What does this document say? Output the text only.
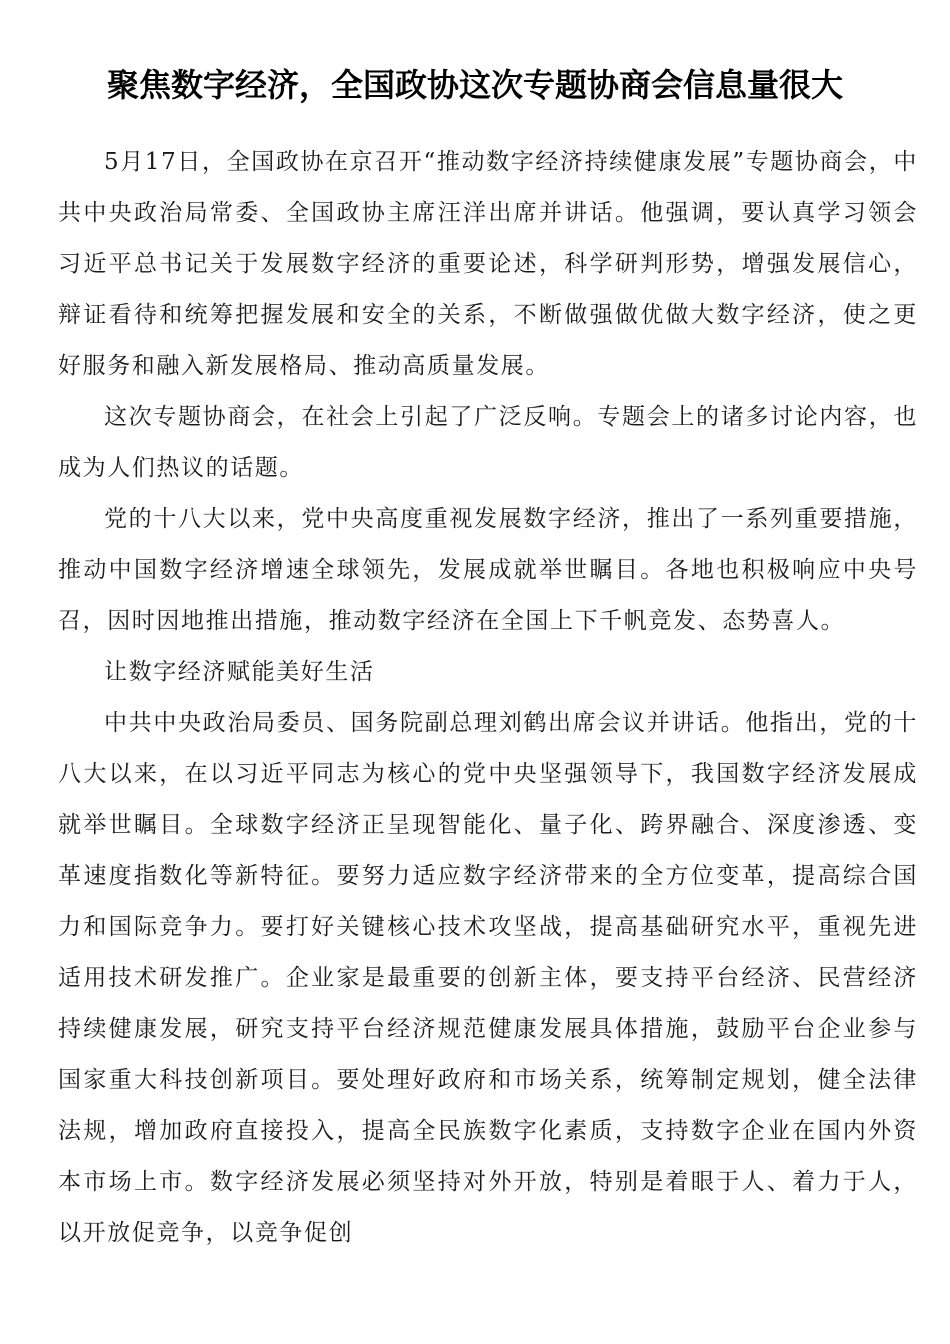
聚焦数字经济，全国政协这次专题协商会信息量很大

5月17日，全国政协在京召开“推动数字经济持续健康发展”专题协商会，中共中央政治局常委、全国政协主席汪洋出席并讲话。他强调，要认真学习领会习近平总书记关于发展数字经济的重要论述，科学研判形势，增强发展信心，辩证看待和统筹把握发展和安全的关系，不断做强做优做大数字经济，使之更好服务和融入新发展格局、推动高质量发展。

这次专题协商会，在社会上引起了广泛反响。专题会上的诸多讨论内容，也成为人们热议的话题。

党的十八大以来，党中央高度重视发展数字经济，推出了一系列重要措施，推动中国数字经济增速全球领先，发展成就举世瞩目。各地也积极响应中央号召，因时因地推出措施，推动数字经济在全国上下千帆竞发、态势喜人。

让数字经济赋能美好生活

中共中央政治局委员、国务院副总理刘鹤出席会议并讲话。他指出，党的十八大以来，在以习近平同志为核心的党中央坚强领导下，我国数字经济发展成就举世瞩目。全球数字经济正呈现智能化、量子化、跨界融合、深度渗透、变革速度指数化等新特征。要努力适应数字经济带来的全方位变革，提高综合国力和国际竞争力。要打好关键核心技术攻坚战，提高基础研究水平，重视先进适用技术研发推广。企业家是最重要的创新主体，要支持平台经济、民营经济持续健康发展，研究支持平台经济规范健康发展具体措施，鼓励平台企业参与国家重大科技创新项目。要处理好政府和市场关系，统筹制定规划，健全法律法规，增加政府直接投入，提高全民族数字化素质，支持数字企业在国内外资本市场上市。数字经济发展必须坚持对外开放，特别是着眼于人、着力于人，以开放促竞争，以竞争促创
